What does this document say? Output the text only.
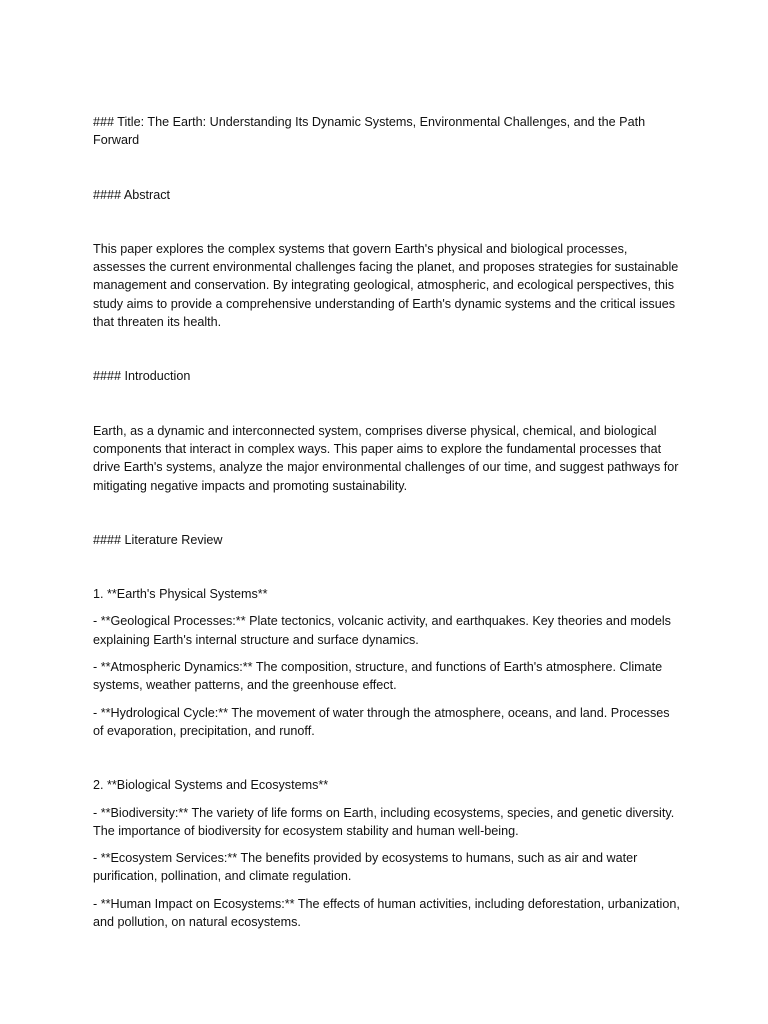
### Title: The Earth: Understanding Its Dynamic Systems, Environmental Challenges, and the Path Forward

#### Abstract

This paper explores the complex systems that govern Earth's physical and biological processes, assesses the current environmental challenges facing the planet, and proposes strategies for sustainable management and conservation. By integrating geological, atmospheric, and ecological perspectives, this study aims to provide a comprehensive understanding of Earth's dynamic systems and the critical issues that threaten its health.

#### Introduction

Earth, as a dynamic and interconnected system, comprises diverse physical, chemical, and biological components that interact in complex ways. This paper aims to explore the fundamental processes that drive Earth's systems, analyze the major environmental challenges of our time, and suggest pathways for mitigating negative impacts and promoting sustainability.

#### Literature Review

1. **Earth's Physical Systems**

- **Geological Processes:** Plate tectonics, volcanic activity, and earthquakes. Key theories and models explaining Earth's internal structure and surface dynamics.

- **Atmospheric Dynamics:** The composition, structure, and functions of Earth's atmosphere. Climate systems, weather patterns, and the greenhouse effect.

- **Hydrological Cycle:** The movement of water through the atmosphere, oceans, and land. Processes of evaporation, precipitation, and runoff.

2. **Biological Systems and Ecosystems**

- **Biodiversity:** The variety of life forms on Earth, including ecosystems, species, and genetic diversity. The importance of biodiversity for ecosystem stability and human well-being.

- **Ecosystem Services:** The benefits provided by ecosystems to humans, such as air and water purification, pollination, and climate regulation.

- **Human Impact on Ecosystems:** The effects of human activities, including deforestation, urbanization, and pollution, on natural ecosystems.
